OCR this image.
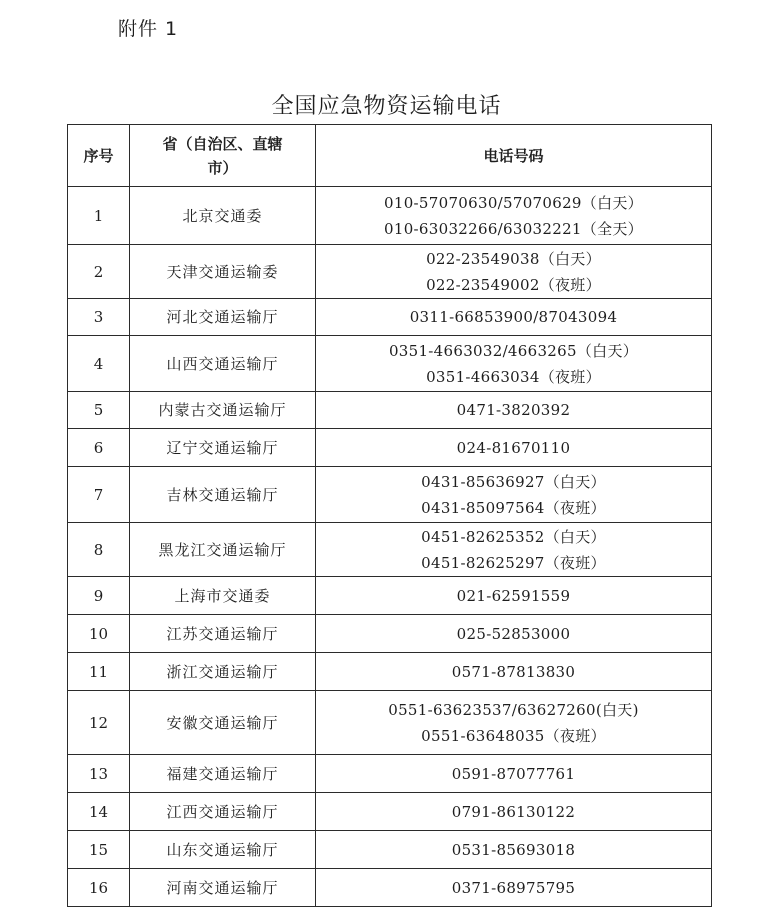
附件 1

全国应急物资运输电话
序号	省（自治区、直辖市）	电话号码
1	北京交通委	010-57070630/57070629（白天）
010-63032266/63032221（全天）

2	天津交通运输委	022-23549038（白天）
022-23549002（夜班）

3	河北交通运输厅	0311-66853900/87043094

4	山西交通运输厅	0351-4663032/4663265（白天）
0351-4663034（夜班）

5	内蒙古交通运输厅	0471-3820392

6	辽宁交通运输厅	024-81670110

7	吉林交通运输厅	0431-85636927（白天）
0431-85097564（夜班）

8	黑龙江交通运输厅	0451-82625352（白天）
0451-82625297（夜班）

9	上海市交通委	021-62591559

10	江苏交通运输厅	025-52853000

11	浙江交通运输厅	0571-87813830

12	安徽交通运输厅	0551-63623537/63627260(白天)
0551-63648035（夜班）

13	福建交通运输厅	0591-87077761

14	江西交通运输厅	0791-86130122

15	山东交通运输厅	0531-85693018

16	河南交通运输厅	0371-68975795
